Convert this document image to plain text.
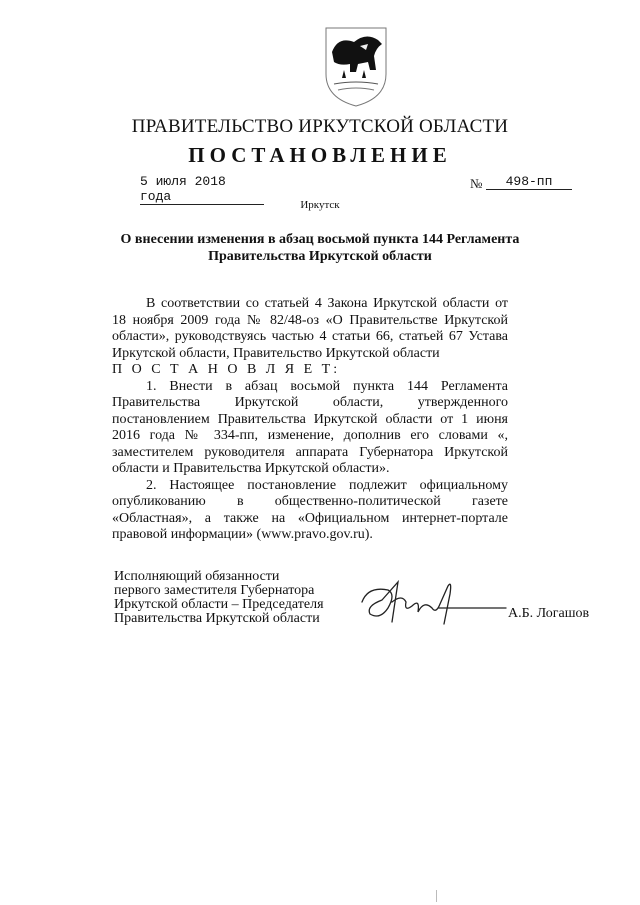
ПРАВИТЕЛЬСТВО ИРКУТСКОЙ ОБЛАСТИ
ПОСТАНОВЛЕНИЕ
5 июля 2018 года
№	498-пп
Иркутск
О внесении изменения в абзац восьмой пункта 144 Регламента
Правительства Иркутской области

В соответствии со статьей 4 Закона Иркутской области от 18 ноября 2009 года № 82/48-оз «О Правительстве Иркутской области», руководствуясь частью 4 статьи 66, статьей 67 Устава Иркутской области, Правительство Иркутской области

П О С Т А Н О В Л Я Е Т:

1. Внести в абзац восьмой пункта 144 Регламента Правительства Иркутской области, утвержденного постановлением Правительства Иркутской области от 1 июня 2016 года № 334-пп, изменение, дополнив его словами «, заместителем руководителя аппарата Губернатора Иркутской области и Правительства Иркутской области».

2. Настоящее постановление подлежит официальному опубликованию в общественно-политической газете «Областная», а также на «Официальном интернет-портале правовой информации» (www.pravo.gov.ru).

Исполняющий обязанности
первого заместителя Губернатора
Иркутской области – Председателя
Правительства Иркутской области	А.Б. Логашов
